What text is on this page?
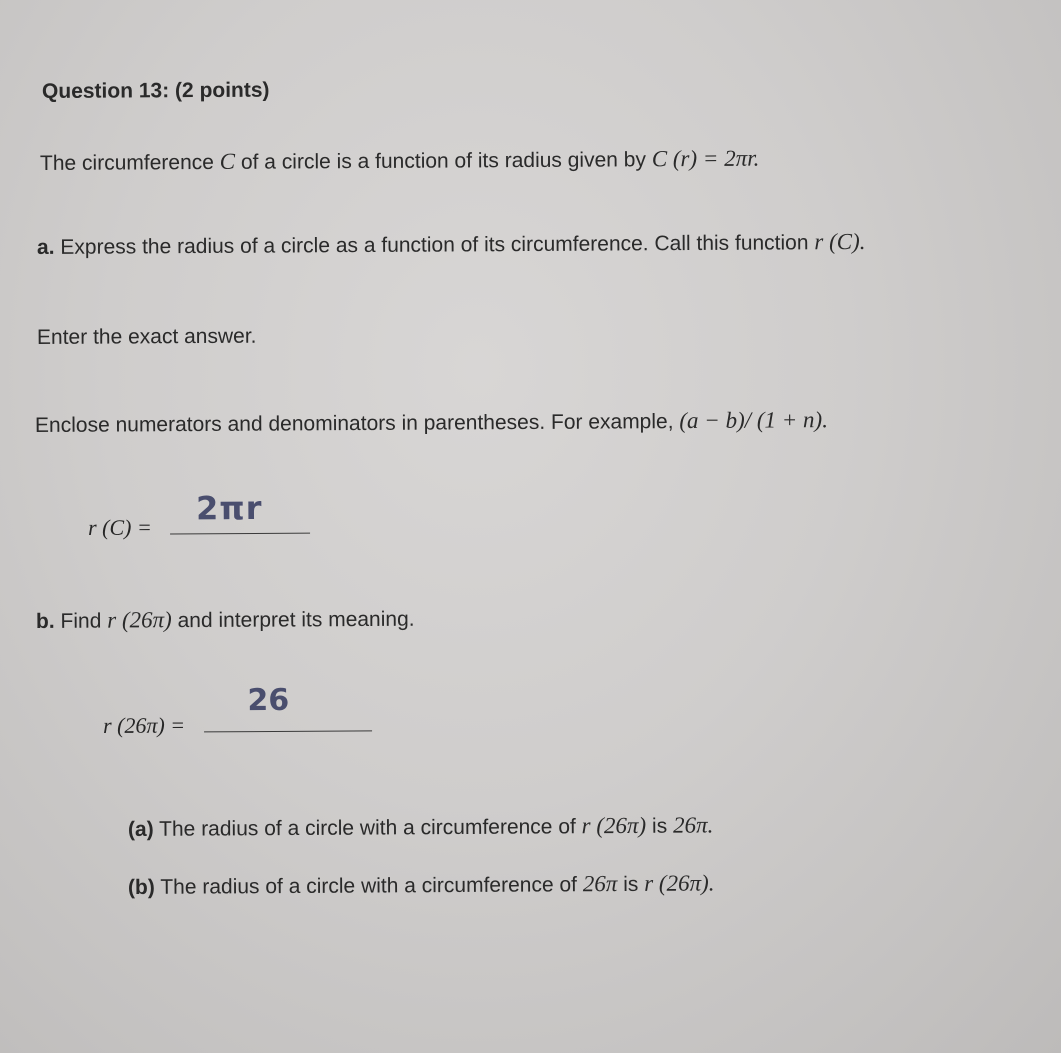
Question 13: (2 points)
The circumference C of a circle is a function of its radius given by C (r) = 2πr.
a. Express the radius of a circle as a function of its circumference. Call this function r (C).
Enter the exact answer.
Enclose numerators and denominators in parentheses. For example, (a − b)/ (1 + n).
r (C) = 2πr
b. Find r (26π) and interpret its meaning.
r (26π) =
26
(a) The radius of a circle with a circumference of r (26π) is 26π.
(b) The radius of a circle with a circumference of 26π is r (26π).
